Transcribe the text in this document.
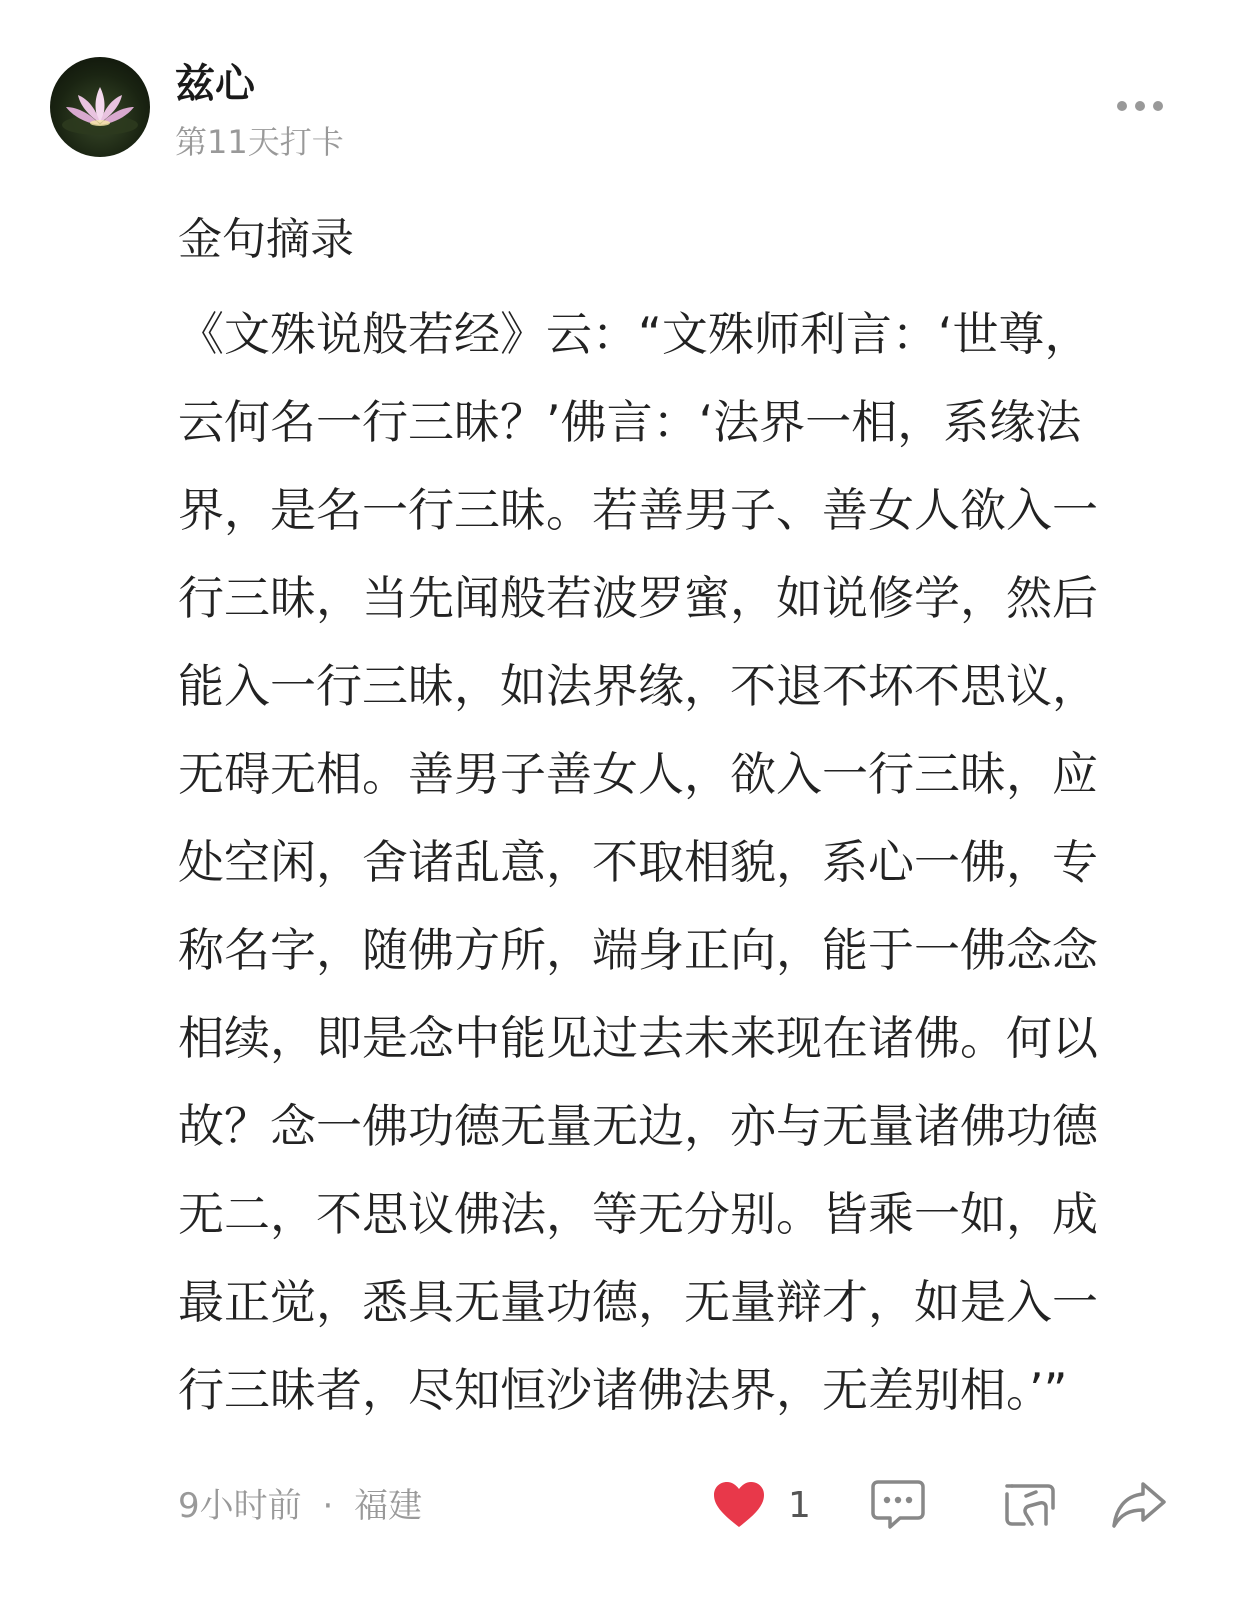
兹心
第11天打卡
金句摘录
《文殊说般若经》云：“文殊师利言：‘世尊，
云何名一行三昧？’佛言：‘法界一相，系缘法
界，是名一行三昧。若善男子、善女人欲入一
行三昧，当先闻般若波罗蜜，如说修学，然后
能入一行三昧，如法界缘，不退不坏不思议，
无碍无相。善男子善女人，欲入一行三昧，应
处空闲，舍诸乱意，不取相貌，系心一佛，专
称名字，随佛方所，端身正向，能于一佛念念
相续，即是念中能见过去未来现在诸佛。何以
故？念一佛功德无量无边，亦与无量诸佛功德
无二，不思议佛法，等无分别。皆乘一如，成
最正觉，悉具无量功德，无量辩才，如是入一
行三昧者，尽知恒沙诸佛法界，无差别相。’”
9小时前 · 福建	1
